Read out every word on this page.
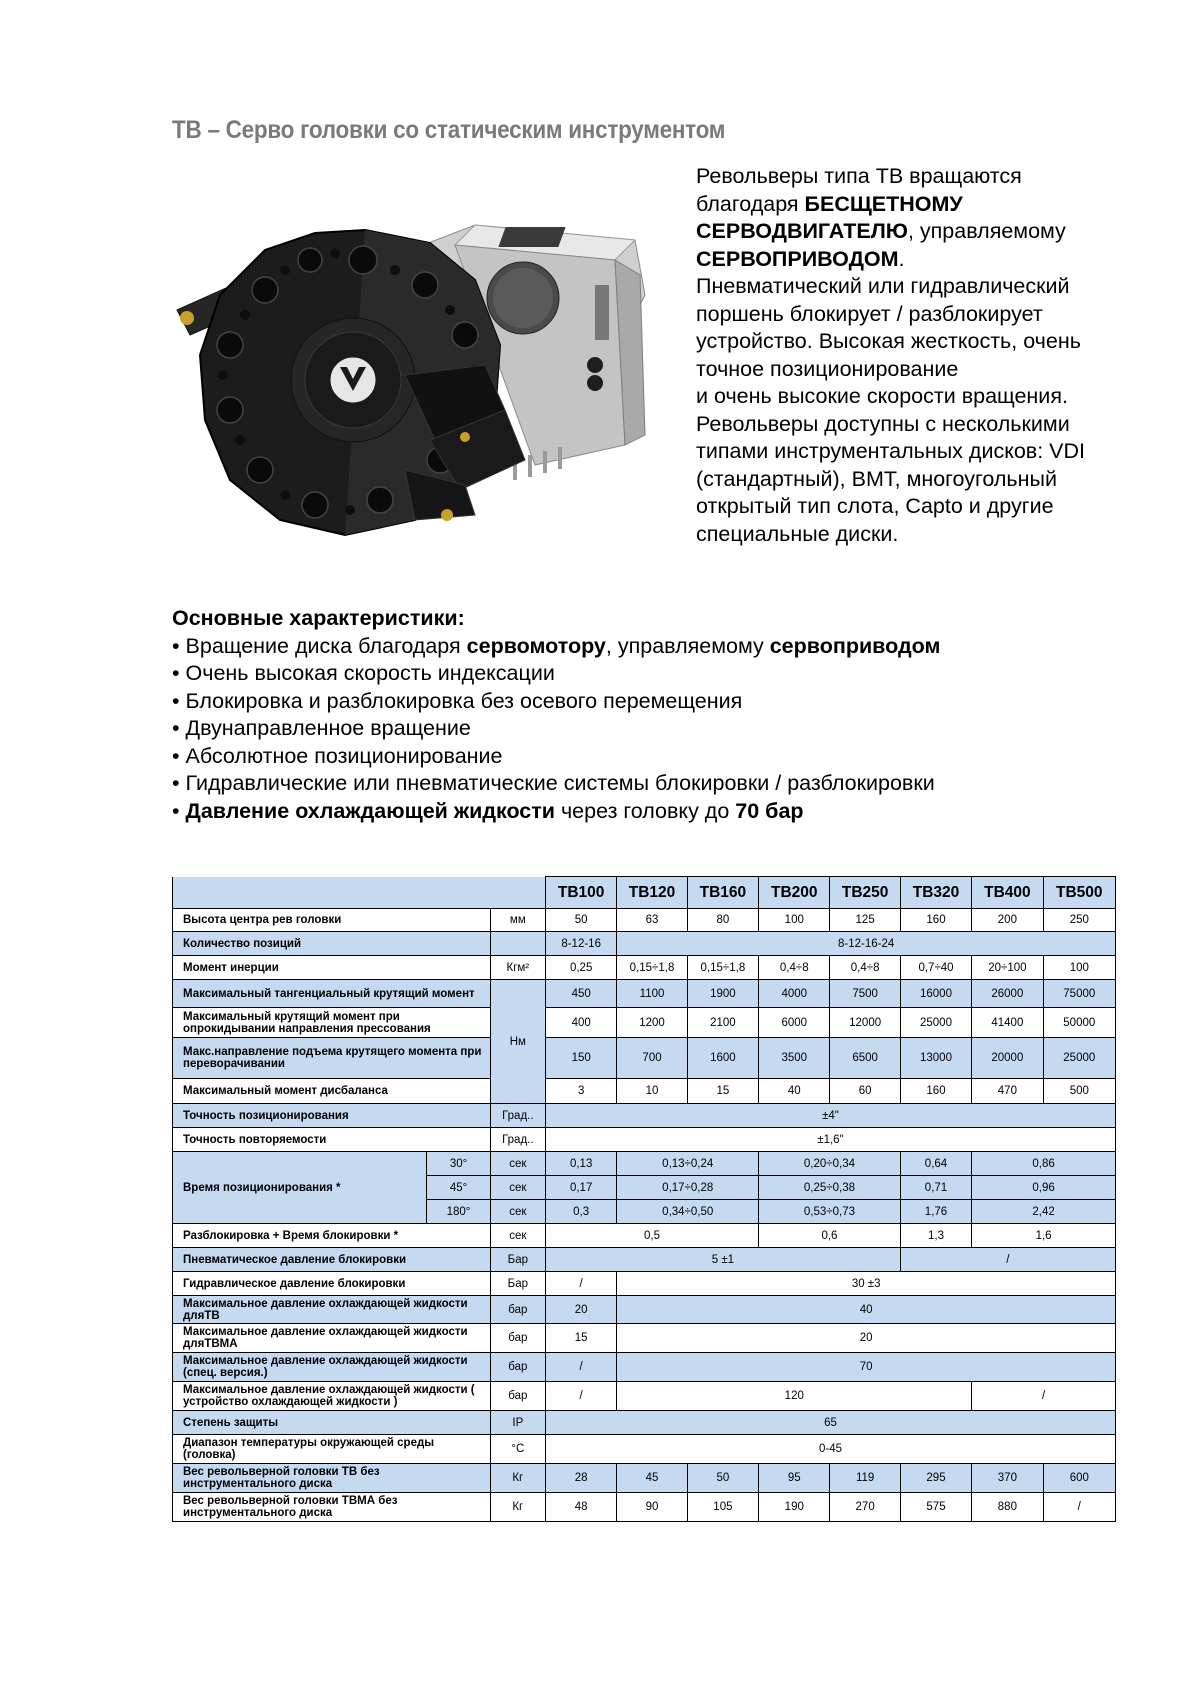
ТВ – Серво головки со статическим инструментом

Револьверы типа ТВ вращаются благодаря БЕСЩЕТНОМУ СЕРВОДВИГАТЕЛЮ, управляемому СЕРВОПРИВОДОМ.

Пневматический или гидравлический поршень блокирует / разблокирует устройство. Высокая жесткость, очень точное позиционирование

и очень высокие скорости вращения. Револьверы доступны с несколькими типами инструментальных дисков: VDI (стандартный), BMT, многоугольный открытый тип слота, Capto и другие специальные диски.

Основные характеристики:
• Вращение диска благодаря сервомотору, управляемому сервоприводом
• Очень высокая скорость индексации
• Блокировка и разблокировка без осевого перемещения
• Двунаправленное вращение
• Абсолютное позиционирование
• Гидравлические или пневматические системы блокировки / разблокировки
• Давление охлаждающей жидкости через головку до 70 бар
			TB100	TB120	TB160	TB200	TB250	TB320	TB400	TB500
Высота центра рев головки		мм	50	63	80	100	125	160	200	250
Количество позиций			8-12-16	8-12-16-24						
Момент инерции		Кгм²	0,25	0,15÷1,8	0,15÷1,8	0,4÷8	0,4÷8	0,7÷40	20÷100	100
Максимальный тангенциальный крутящий момент		Нм	450	1100	1900	4000	7500	16000	26000	75000
Максимальный крутящий момент при опрокидывании направления прессования			400	1200	2100	6000	12000	25000	41400	50000
Макс.направление подъема крутящего момента при переворачивании			150	700	1600	3500	6500	13000	20000	25000
Максимальный момент дисбаланса			3	10	15	40	60	160	470	500
Точность позиционирования		Град..	±4"							
Точность повторяемости		Град..	±1,6"							
Время позиционирования *	30°	сек	0,13	0,13÷0,24		0,20÷0,34		0,64	0,86	
	45°	сек	0,17	0,17÷0,28		0,25÷0,38		0,71	0,96	
	180°	сек	0,3	0,34÷0,50		0,53÷0,73		1,76	2,42	
Разблокировка + Время блокировки *		сек	0,5			0,6		1,3	1,6	
Пневматическое давление блокировки		Бар	5 ±1					/		
Гидравлическое давление блокировки		Бар	/	30 ±3						
Максимальное давление охлаждающей жидкости дляТВ		бар	20	40						
Максимальное давление охлаждающей жидкости дляТВМА		бар	15	20						
Максимальное давление охлаждающей жидкости (спец. версия.)		бар	/	70						
Максимальное давление охлаждающей жидкости ( устройство охлаждающей жидкости )		бар	/	120					/	
Степень защиты		IP	65							
Диапазон температуры окружающей среды (головка)		°C	0-45							
Вес револьверной головки ТВ без инструментального диска		Кг	28	45	50	95	119	295	370	600
Вес револьверной головки ТВМА без инструментального диска		Кг	48	90	105	190	270	575	880	/
